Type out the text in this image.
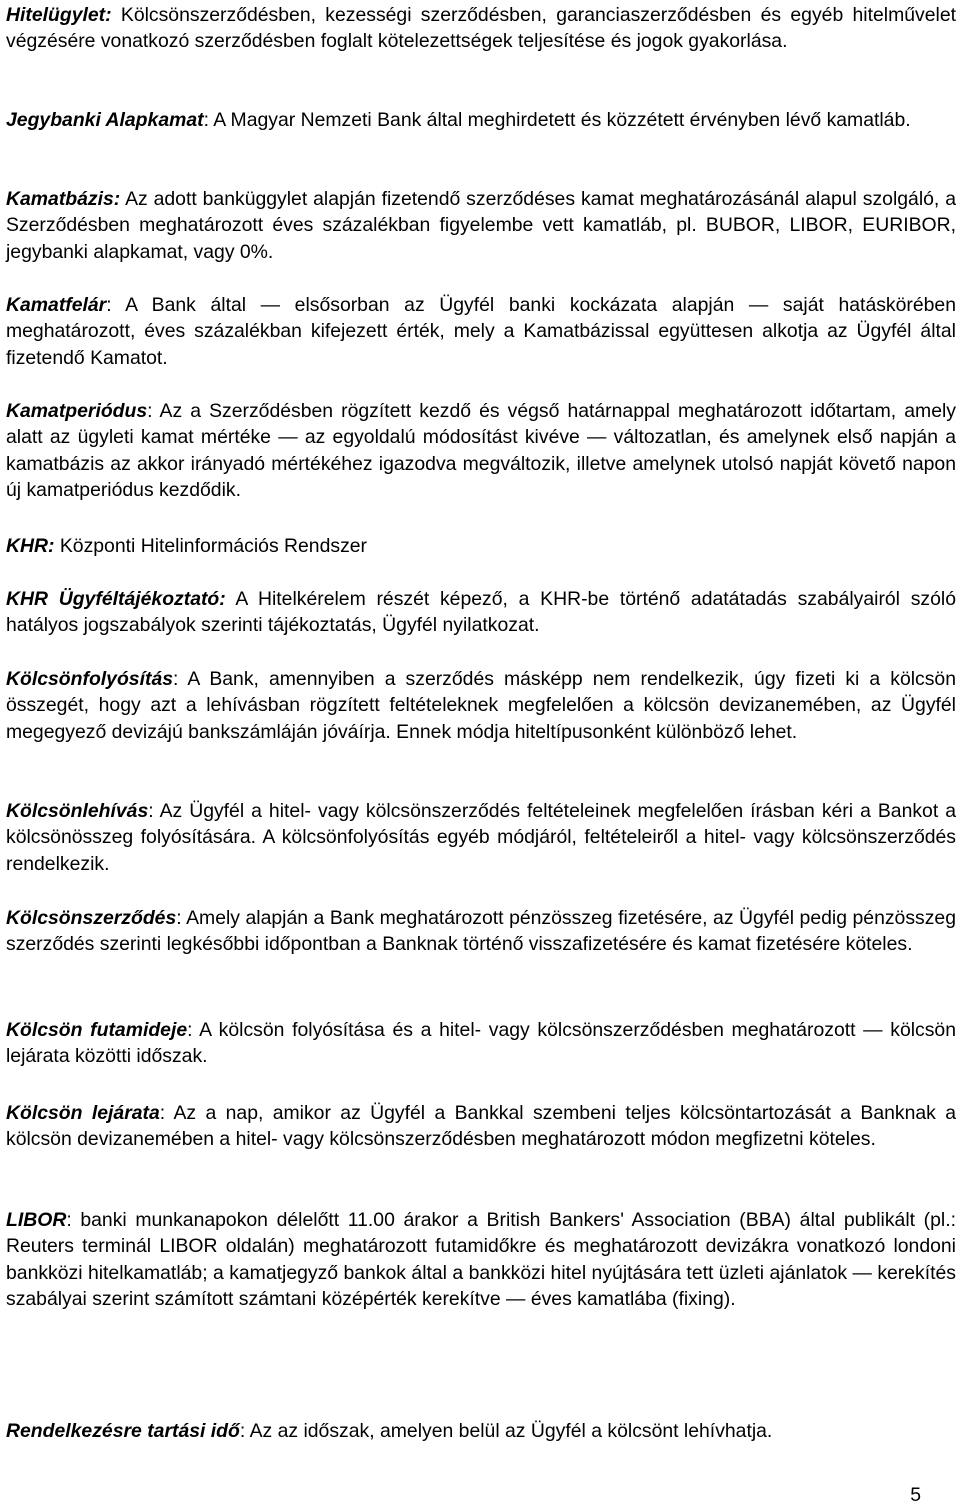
Hitelügylet: Kölcsönszerződésben, kezességi szerződésben, garanciaszerződésben és egyéb hitelművelet végzésére vonatkozó szerződésben foglalt kötelezettségek teljesítése és jogok gyakorlása.

Jegybanki Alapkamat: A Magyar Nemzeti Bank által meghirdetett és közzétett érvényben lévő kamatláb.

Kamatbázis: Az adott banküggylet alapján fizetendő szerződéses kamat meghatározásánál alapul szolgáló, a Szerződésben meghatározott éves százalékban figyelembe vett kamatláb, pl. BUBOR, LIBOR, EURIBOR, jegybanki alapkamat, vagy 0%.

Kamatfelár: A Bank által — elsősorban az Ügyfél banki kockázata alapján — saját hatáskörében meghatározott, éves százalékban kifejezett érték, mely a Kamatbázissal együttesen alkotja az Ügyfél által fizetendő Kamatot.

Kamatperiódus: Az a Szerződésben rögzített kezdő és végső határnappal meghatározott időtartam, amely alatt az ügyleti kamat mértéke — az egyoldalú módosítást kivéve — változatlan, és amelynek első napján a kamatbázis az akkor irányadó mértékéhez igazodva megváltozik, illetve amelynek utolsó napját követő napon új kamatperiódus kezdődik.

KHR: Központi Hitelinformációs Rendszer

KHR Ügyféltájékoztató: A Hitelkérelem részét képező, a KHR-be történő adatátadás szabályairól szóló hatályos jogszabályok szerinti tájékoztatás, Ügyfél nyilatkozat.

Kölcsönfolyósítás: A Bank, amennyiben a szerződés másképp nem rendelkezik, úgy fizeti ki a kölcsön összegét, hogy azt a lehívásban rögzített feltételeknek megfelelően a kölcsön devizanemében, az Ügyfél megegyező devizájú bankszámláján jóváírja. Ennek módja hiteltípusonként különböző lehet.

Kölcsönlehívás: Az Ügyfél a hitel- vagy kölcsönszerződés feltételeinek megfelelően írásban kéri a Bankot a kölcsönösszeg folyósítására. A kölcsönfolyósítás egyéb módjáról, feltételeiről a hitel- vagy kölcsönszerződés rendelkezik.

Kölcsönszerződés: Amely alapján a Bank meghatározott pénzösszeg fizetésére, az Ügyfél pedig pénzösszeg szerződés szerinti legkésőbbi időpontban a Banknak történő visszafizetésére és kamat fizetésére köteles.

Kölcsön futamideje: A kölcsön folyósítása és a hitel- vagy kölcsönszerződésben meghatározott — kölcsön lejárata közötti időszak.

Kölcsön lejárata: Az a nap, amikor az Ügyfél a Bankkal szembeni teljes kölcsöntartozását a Banknak a kölcsön devizanemében a hitel- vagy kölcsönszerződésben meghatározott módon megfizetni köteles.

LIBOR: banki munkanapokon délelőtt 11.00 árakor a British Bankers' Association (BBA) által publikált (pl.: Reuters terminál LIBOR oldalán) meghatározott futamidőkre és meghatározott devizákra vonatkozó londoni bankközi hitelkamatláb; a kamatjegyző bankok által a bankközi hitel nyújtására tett üzleti ajánlatok — kerekítés szabályai szerint számított számtani középérték kerekítve — éves kamatlába (fixing).

Rendelkezésre tartási idő: Az az időszak, amelyen belül az Ügyfél a kölcsönt lehívhatja.

5
